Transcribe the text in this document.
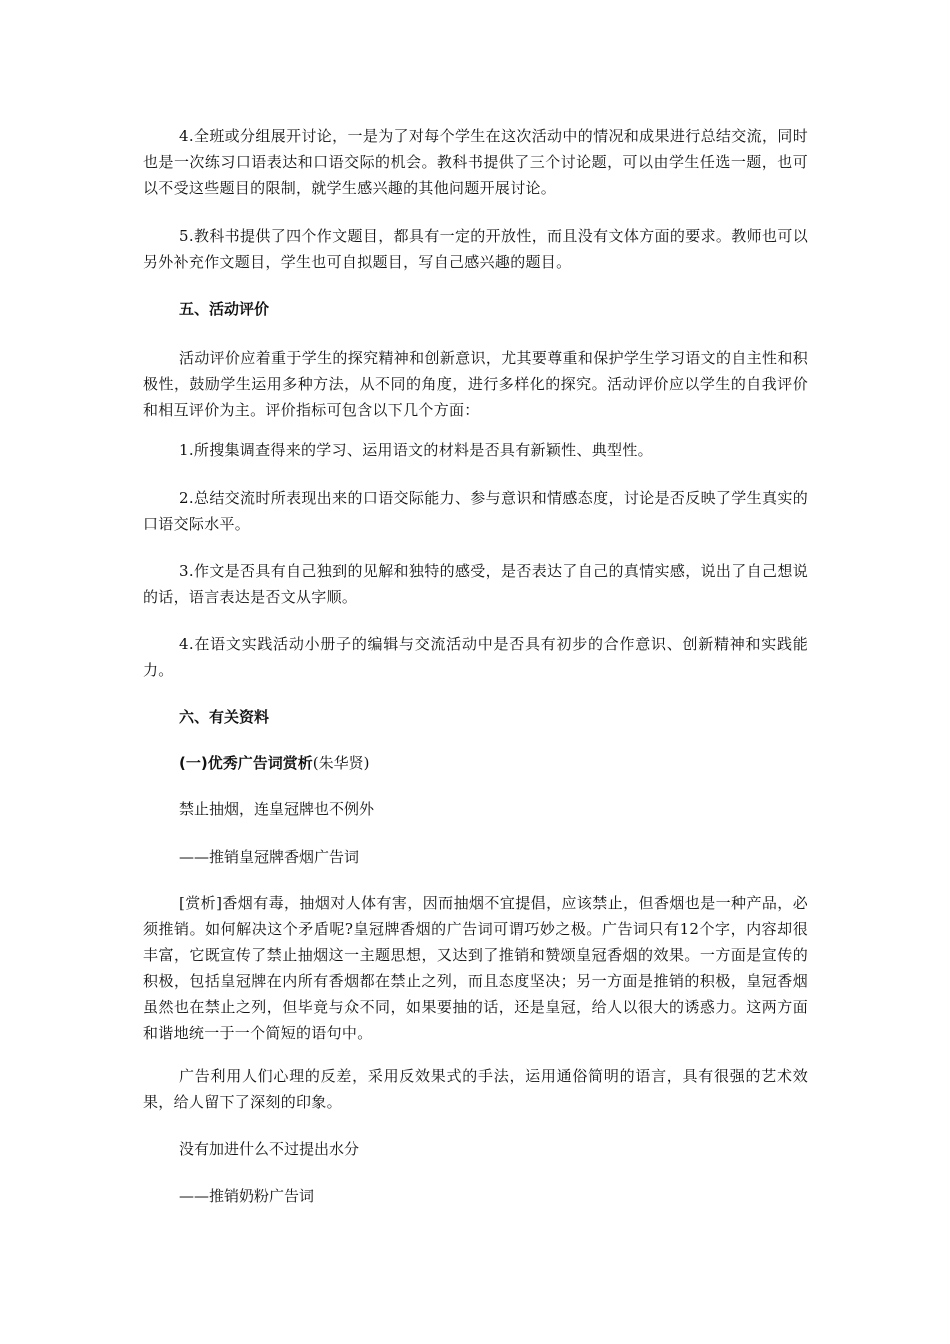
4.全班或分组展开讨论，一是为了对每个学生在这次活动中的情况和成果进行总结交流，同时也是一次练习口语表达和口语交际的机会。教科书提供了三个讨论题，可以由学生任选一题，也可以不受这些题目的限制，就学生感兴趣的其他问题开展讨论。

5.教科书提供了四个作文题目，都具有一定的开放性，而且没有文体方面的要求。教师也可以另外补充作文题目，学生也可自拟题目，写自己感兴趣的题目。

五、活动评价

活动评价应着重于学生的探究精神和创新意识，尤其要尊重和保护学生学习语文的自主性和积极性，鼓励学生运用多种方法，从不同的角度，进行多样化的探究。活动评价应以学生的自我评价和相互评价为主。评价指标可包含以下几个方面：

1.所搜集调查得来的学习、运用语文的材料是否具有新颖性、典型性。

2.总结交流时所表现出来的口语交际能力、参与意识和情感态度，讨论是否反映了学生真实的口语交际水平。

3.作文是否具有自己独到的见解和独特的感受，是否表达了自己的真情实感，说出了自己想说的话，语言表达是否文从字顺。

4.在语文实践活动小册子的编辑与交流活动中是否具有初步的合作意识、创新精神和实践能力。

六、有关资料

(一)优秀广告词赏析(朱华贤)

禁止抽烟，连皇冠牌也不例外

——推销皇冠牌香烟广告词

[赏析]香烟有毒，抽烟对人体有害，因而抽烟不宜提倡，应该禁止，但香烟也是一种产品，必须推销。如何解决这个矛盾呢?皇冠牌香烟的广告词可谓巧妙之极。广告词只有12个字，内容却很丰富，它既宣传了禁止抽烟这一主题思想，又达到了推销和赞颂皇冠香烟的效果。一方面是宣传的积极，包括皇冠牌在内所有香烟都在禁止之列，而且态度坚决；另一方面是推销的积极，皇冠香烟虽然也在禁止之列，但毕竟与众不同，如果要抽的话，还是皇冠，给人以很大的诱惑力。这两方面和谐地统一于一个简短的语句中。

广告利用人们心理的反差，采用反效果式的手法，运用通俗简明的语言，具有很强的艺术效果，给人留下了深刻的印象。

没有加进什么不过提出水分

——推销奶粉广告词
